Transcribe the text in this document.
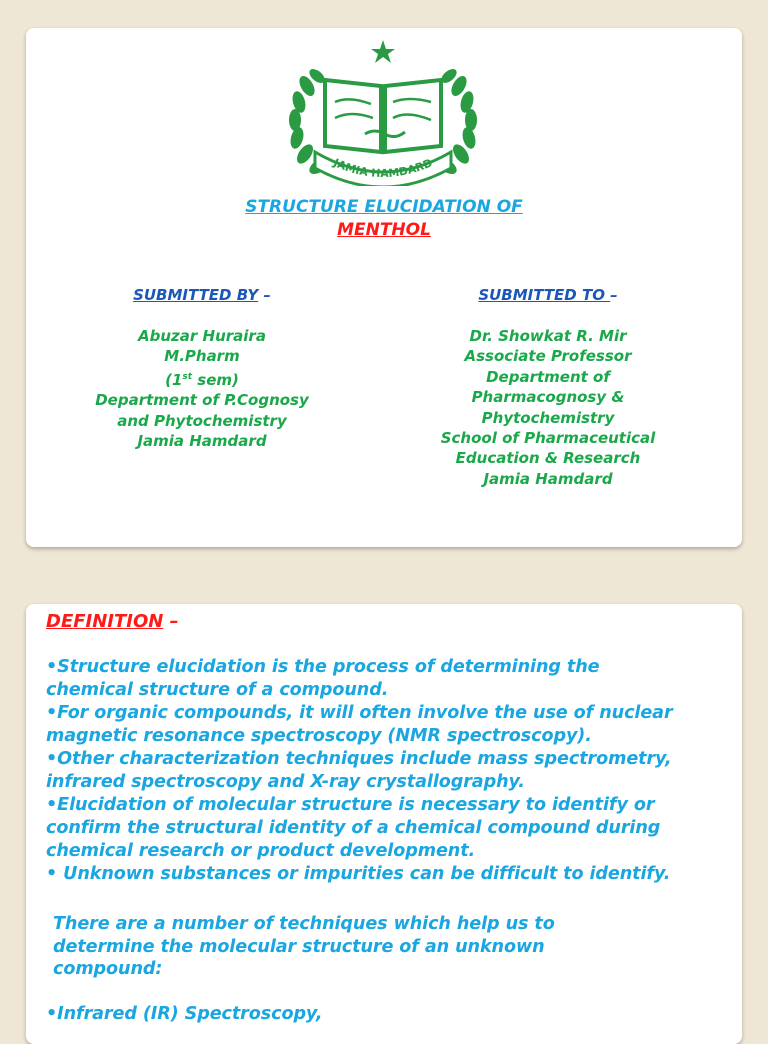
JAMIA HAMDARD
STRUCTURE ELUCIDATION OF
MENTHOL
SUBMITTED BY –
Abuzar Huraira
M.Pharm
(1st sem)
Department of P.Cognosy
and Phytochemistry
Jamia Hamdard
SUBMITTED TO –
Dr. Showkat R. Mir
Associate Professor
Department of
Pharmacognosy &
Phytochemistry
School of Pharmaceutical
Education & Research
Jamia Hamdard
DEFINITION –
•Structure elucidation is the process of determining the
chemical structure of a compound.
•For organic compounds, it will often involve the use of nuclear
magnetic resonance spectroscopy (NMR spectroscopy).
•Other characterization techniques include mass spectrometry,
infrared spectroscopy and X-ray crystallography.
•Elucidation of molecular structure is necessary to identify or
confirm the structural identity of a chemical compound during
chemical research or product development.
• Unknown substances or impurities can be difficult to identify.
There are a number of techniques which help us to
determine the molecular structure of an unknown
compound:
•Infrared (IR) Spectroscopy,
